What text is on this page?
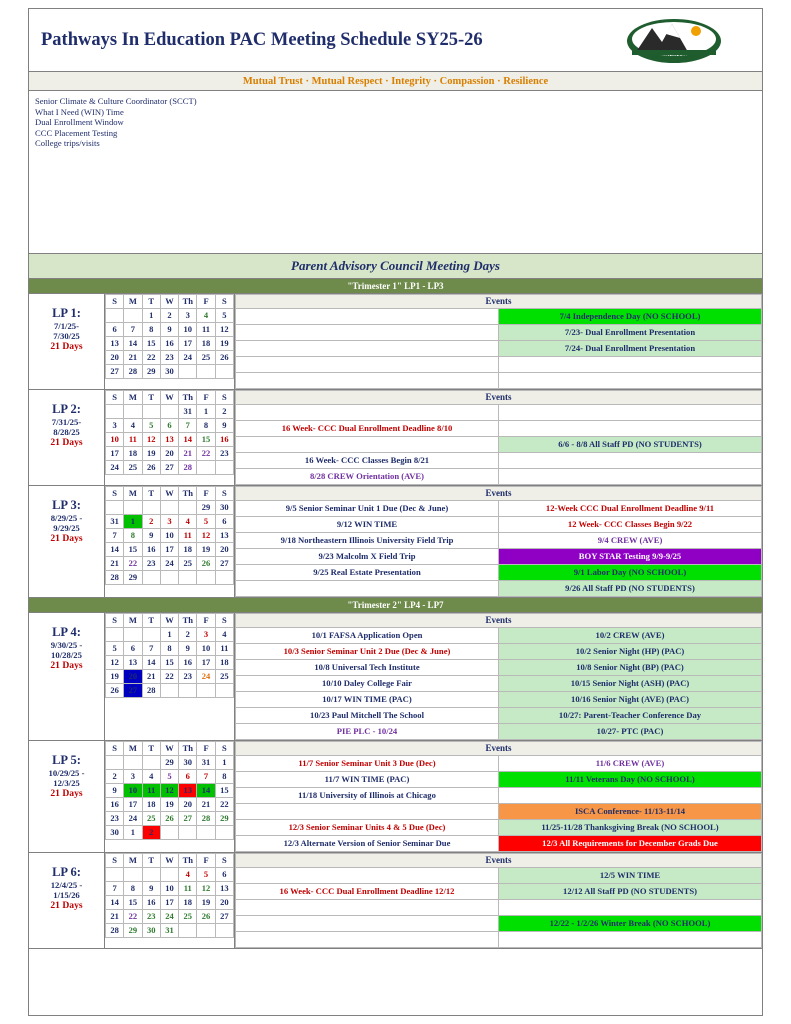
Pathways In Education PAC Meeting Schedule SY25-26
IN EDUCATION
Mutual Trust · Mutual Respect · Integrity · Compassion · Resilience
Senior Climate & Culture Coordinator (SCCT)
What I Need (WIN) Time
Dual Enrollment Window
CCC Placement Testing
College trips/visits
Parent Advisory Council Meeting Days
"Trimester 1" LP1 - LP3
LP 1:
7/1/25-
7/30/25
21 Days
S	M	T	W	Th	F	S
		1	2	3	4	5
6	7	8	9	10	11	12
13	14	15	16	17	18	19
20	21	22	23	24	25	26
27	28	29	30			
Events	
	7/4 Independence Day (NO SCHOOL)
	7/23- Dual Enrollment Presentation
	7/24- Dual Enrollment Presentation

LP 2:
7/31/25-
8/28/25
21 Days
S	M	T	W	Th	F	S
				31	1	2
3	4	5	6	7	8	9
10	11	12	13	14	15	16
17	18	19	20	21	22	23
24	25	26	27	28		
Events	

16 Week- CCC Dual Enrollment Deadline 8/10	
	6/6 - 8/8 All Staff PD (NO STUDENTS)
16 Week- CCC Classes Begin 8/21	
8/28 CREW Orientation (AVE)	
LP 3:
8/29/25 -
9/29/25
21 Days
S	M	T	W	Th	F	S
					29	30
31	1	2	3	4	5	6
7	8	9	10	11	12	13
14	15	16	17	18	19	20
21	22	23	24	25	26	27
28	29					
Events	
9/5 Senior Seminar Unit 1 Due (Dec & June)	12-Week CCC Dual Enrollment Deadline 9/11
9/12 WIN TIME	12 Week- CCC Classes Begin 9/22
9/18 Northeastern Illinois University Field Trip	9/4 CREW (AVE)
9/23 Malcolm X Field Trip	BOY STAR Testing 9/9-9/25
9/25 Real Estate Presentation	9/1 Labor Day (NO SCHOOL)
	9/26 All Staff PD (NO STUDENTS)
"Trimester 2" LP4 - LP7
LP 4:
9/30/25 -
10/28/25
21 Days
S	M	T	W	Th	F	S
			1	2	3	4
5	6	7	8	9	10	11
12	13	14	15	16	17	18
19	20	21	22	23	24	25
26	27	28				
Events	
10/1 FAFSA Application Open	10/2 CREW (AVE)
10/3 Senior Seminar Unit 2 Due (Dec & June)	10/2 Senior Night (HP) (PAC)
10/8 Universal Tech Institute	10/8 Senior Night (BP) (PAC)
10/10 Daley College Fair	10/15 Senior Night (ASH) (PAC)
10/17 WIN TIME (PAC)	10/16 Senior Night (AVE) (PAC)
10/23 Paul Mitchell The School	10/27: Parent-Teacher Conference Day
PIE PLC - 10/24	10/27- PTC (PAC)
LP 5:
10/29/25 -
12/3/25
21 Days
S	M	T	W	Th	F	S
			29	30	31	1
2	3	4	5	6	7	8
9	10	11	12	13	14	15
16	17	18	19	20	21	22
23	24	25	26	27	28	29
30	1	2				
Events	
11/7 Senior Seminar Unit 3 Due (Dec)	11/6 CREW (AVE)
11/7 WIN TIME (PAC)	11/11 Veterans Day (NO SCHOOL)
11/18 University of Illinois at Chicago	
	ISCA Conference- 11/13-11/14
12/3 Senior Seminar Units 4 & 5 Due (Dec)	11/25-11/28 Thanksgiving Break (NO SCHOOL)
12/3 Alternate Version of Senior Seminar Due	12/3 All Requirements for December Grads Due
LP 6:
12/4/25 -
1/15/26
21 Days
S	M	T	W	Th	F	S
				4	5	6
7	8	9	10	11	12	13
14	15	16	17	18	19	20
21	22	23	24	25	26	27
28	29	30	31			
Events	
	12/5 WIN TIME
16 Week- CCC Dual Enrollment Deadline 12/12	12/12 All Staff PD (NO STUDENTS)

	12/22 - 1/2/26 Winter Break (NO SCHOOL)
